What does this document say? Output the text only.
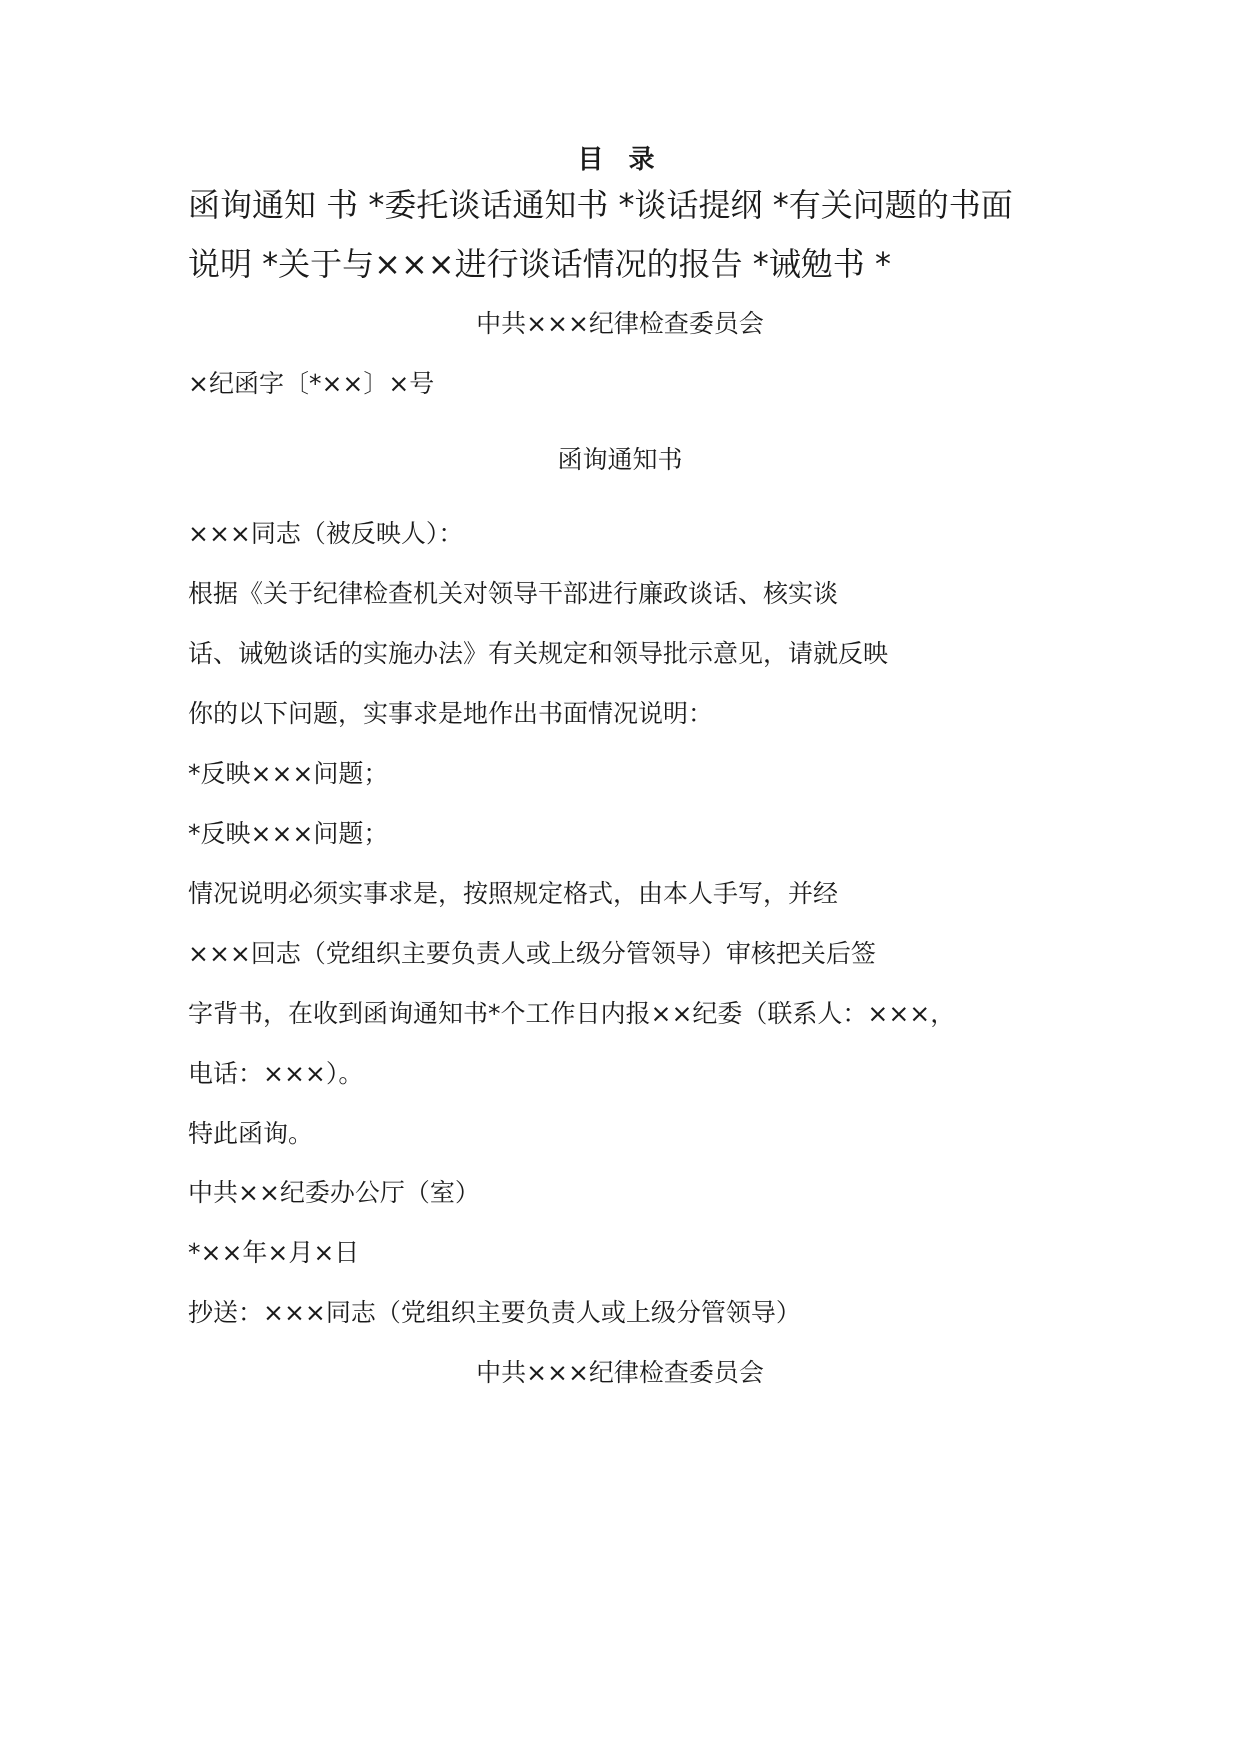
目 录
函询通知 书 *委托谈话通知书 *谈话提纲 *有关问题的书面
说明 *关于与×××进行谈话情况的报告 *诫勉书 *
中共×××纪律检查委员会
×纪函字〔*××〕×号
函询通知书
×××同志（被反映人）：
根据《关于纪律检查机关对领导干部进行廉政谈话、核实谈
话、诫勉谈话的实施办法》有关规定和领导批示意见，请就反映
你的以下问题，实事求是地作出书面情况说明：
*反映×××问题；
*反映×××问题；
情况说明必须实事求是，按照规定格式，由本人手写，并经
×××回志（党组织主要负责人或上级分管领导）审核把关后签
字背书，在收到函询通知书*个工作日内报××纪委（联系人：×××，
电话：×××）。
特此函询。
中共××纪委办公厅（室）
*××年×月×日
抄送：×××同志（党组织主要负责人或上级分管领导）
中共×××纪律检查委员会
